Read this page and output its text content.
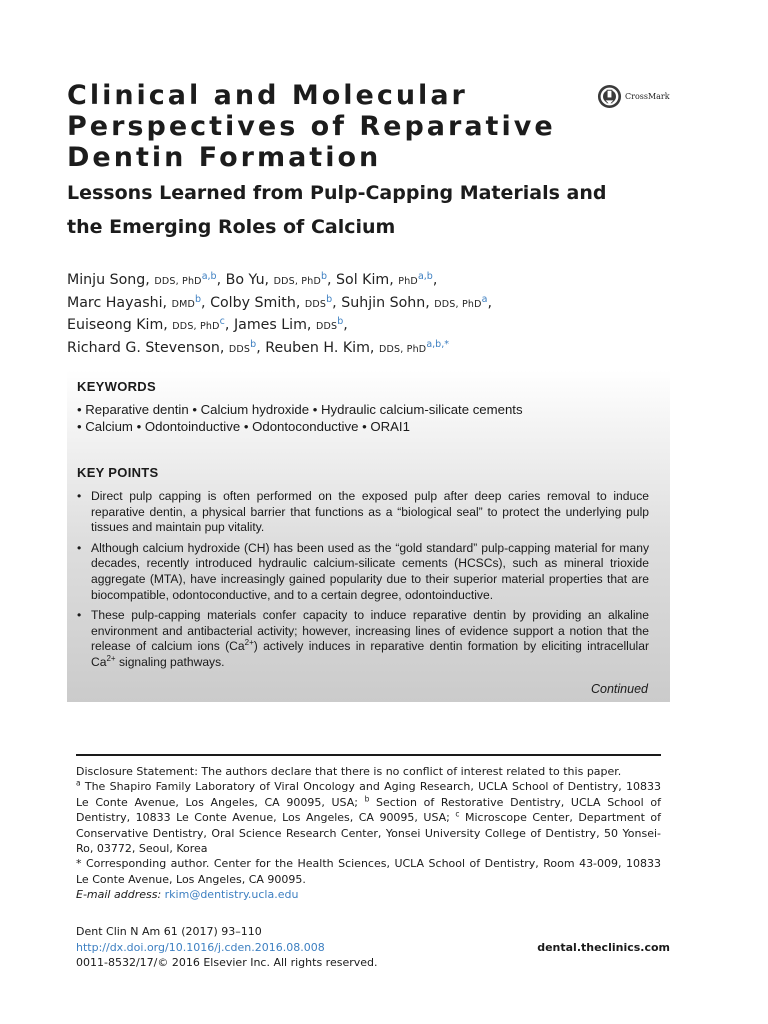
Clinical and Molecular
Perspectives of Reparative
Dentin Formation
CrossMark
Lessons Learned from Pulp-Capping Materials and
the Emerging Roles of Calcium
Minju Song, DDS, PhD$^{a,b}$, Bo Yu, DDS, PhD$^b$, Sol Kim, PhD$^{a,b}$,
Marc Hayashi, DMD$^b$, Colby Smith, DDS$^b$, Suhjin Sohn, DDS, PhD$^a$,
Euiseong Kim, DDS, PhD$^c$, James Lim, DDS$^b$,
Richard G. Stevenson, DDS$^b$, Reuben H. Kim, DDS, PhD$^{a,b,*}$
KEYWORDS
• Reparative dentin • Calcium hydroxide • Hydraulic calcium-silicate cements
• Calcium • Odontoinductive • Odontoconductive • ORAI1
KEY POINTS
• Direct pulp capping is often performed on the exposed pulp after deep caries removal to induce reparative dentin, a physical barrier that functions as a “biological seal” to protect the underlying pulp tissues and maintain pup vitality.
• Although calcium hydroxide (CH) has been used as the “gold standard” pulp-capping material for many decades, recently introduced hydraulic calcium-silicate cements (HCSCs), such as mineral trioxide aggregate (MTA), have increasingly gained popularity due to their superior material properties that are biocompatible, odontoconductive, and to a certain degree, odontoinductive.
• These pulp-capping materials confer capacity to induce reparative dentin by providing an alkaline environment and antibacterial activity; however, increasing lines of evidence support a notion that the release of calcium ions $(Ca^{2+})$ actively induces in reparative dentin formation by eliciting intracellular $Ca^{2+}$ signaling pathways.
Continued

Disclosure Statement: The authors declare that there is no conflict of interest related to this paper.

$^a$ The Shapiro Family Laboratory of Viral Oncology and Aging Research, UCLA School of Dentistry, 10833 Le Conte Avenue, Los Angeles, CA 90095, USA; $^b$ Section of Restorative Dentistry, UCLA School of Dentistry, 10833 Le Conte Avenue, Los Angeles, CA 90095, USA; $^c$ Microscope Center, Department of Conservative Dentistry, Oral Science Research Center, Yonsei University College of Dentistry, 50 Yonsei-Ro, 03772, Seoul, Korea

* Corresponding author. Center for the Health Sciences, UCLA School of Dentistry, Room 43-009, 10833 Le Conte Avenue, Los Angeles, CA 90095.

E-mail address: rkim@dentistry.ucla.edu

Dent Clin N Am 61 (2017) 93–110
http://dx.doi.org/10.1016/j.cden.2016.08.008
0011-8532/17/© 2016 Elsevier Inc. All rights reserved.
dental.theclinics.com
